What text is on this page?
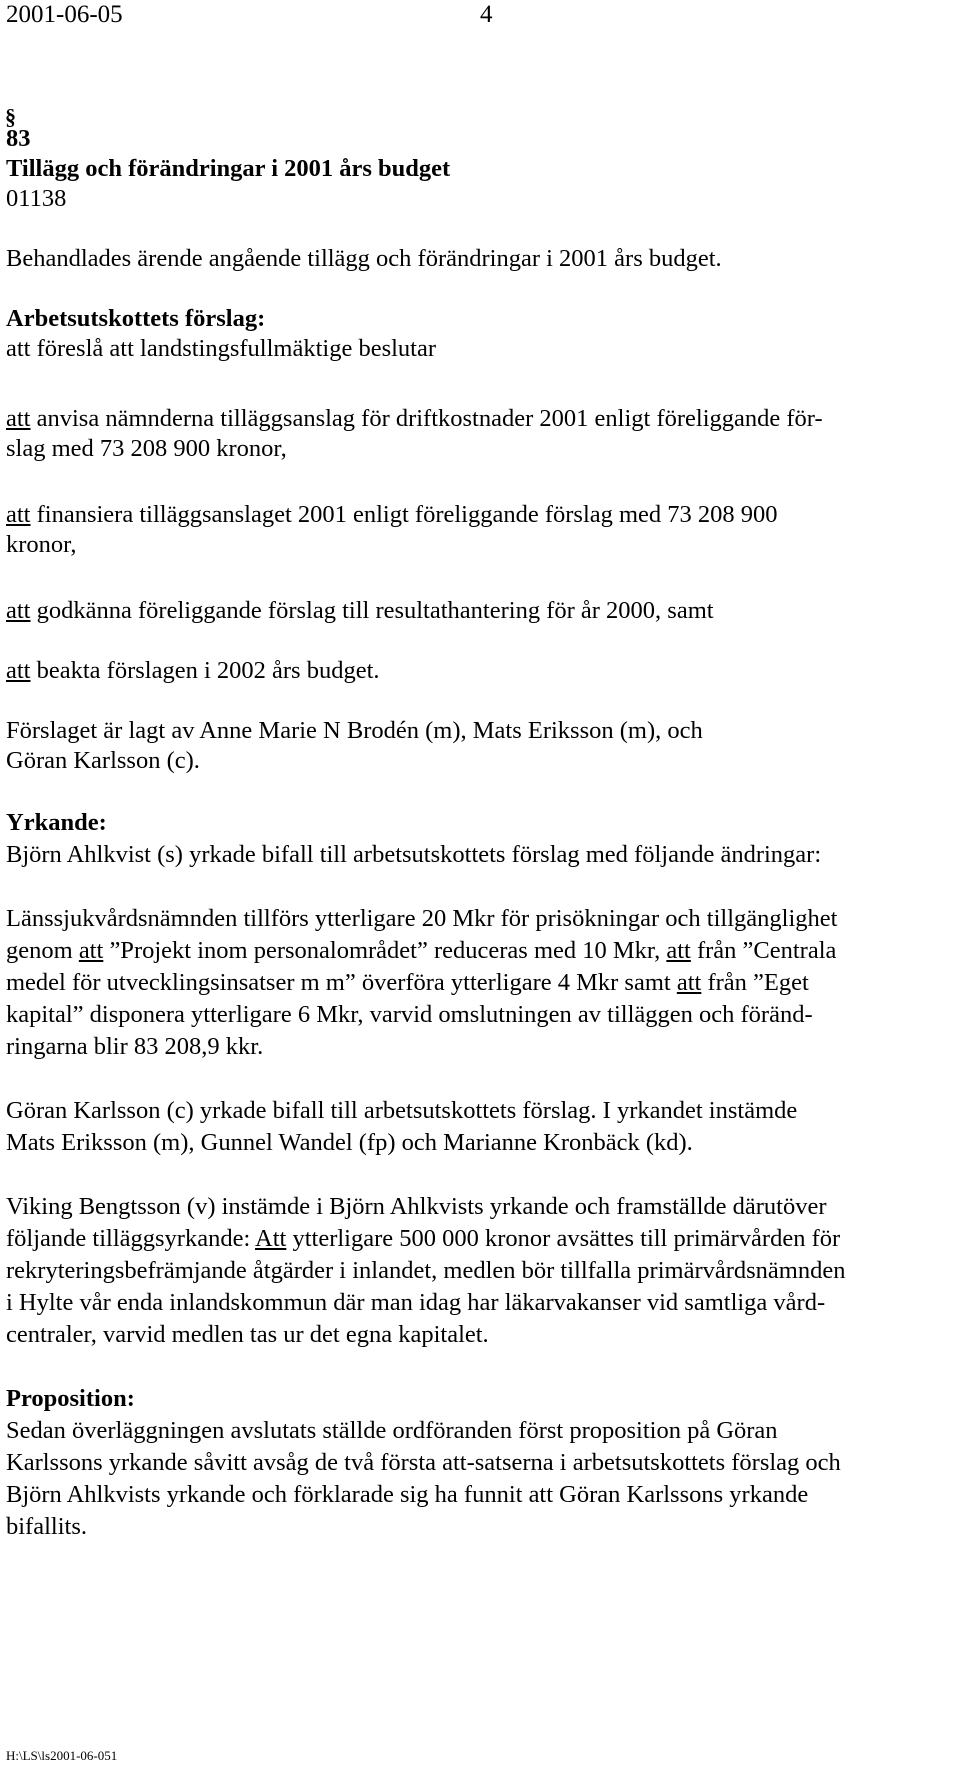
2001-06-05	4
§
83
Tillägg och förändringar i 2001 års budget
01138
Behandlades ärende angående tillägg och förändringar i 2001 års budget.
Arbetsutskottets förslag:
att föreslå att landstingsfullmäktige beslutar
att anvisa nämnderna tilläggsanslag för driftkostnader 2001 enligt föreliggande för-
slag med 73 208 900 kronor,
att finansiera tilläggsanslaget 2001 enligt föreliggande förslag med 73 208 900
kronor,
att godkänna föreliggande förslag till resultathantering för år 2000, samt
att beakta förslagen i 2002 års budget.
Förslaget är lagt av Anne Marie N Brodén (m), Mats Eriksson (m), och
Göran Karlsson (c).
Yrkande:
Björn Ahlkvist (s) yrkade bifall till arbetsutskottets förslag med följande ändringar:
Länssjukvårdsnämnden tillförs ytterligare 20 Mkr för prisökningar och tillgänglighet
genom att ”Projekt inom personalområdet” reduceras med 10 Mkr, att från ”Centrala
medel för utvecklingsinsatser m m” överföra ytterligare 4 Mkr samt att från ”Eget
kapital” disponera ytterligare 6 Mkr, varvid omslutningen av tilläggen och föränd-
ringarna blir 83 208,9 kkr.
Göran Karlsson (c) yrkade bifall till arbetsutskottets förslag. I yrkandet instämde
Mats Eriksson (m), Gunnel Wandel (fp) och Marianne Kronbäck (kd).
Viking Bengtsson (v) instämde i Björn Ahlkvists yrkande och framställde därutöver
följande tilläggsyrkande: Att ytterligare 500 000 kronor avsättes till primärvården för
rekryteringsbefrämjande åtgärder i inlandet, medlen bör tillfalla primärvårdsnämnden
i Hylte vår enda inlandskommun där man idag har läkarvakanser vid samtliga vård-
centraler, varvid medlen tas ur det egna kapitalet.
Proposition:
Sedan överläggningen avslutats ställde ordföranden först proposition på Göran
Karlssons yrkande såvitt avsåg de två första att-satserna i arbetsutskottets förslag och
Björn Ahlkvists yrkande och förklarade sig ha funnit att Göran Karlssons yrkande
bifallits.
H:\LS\ls2001-06-051
